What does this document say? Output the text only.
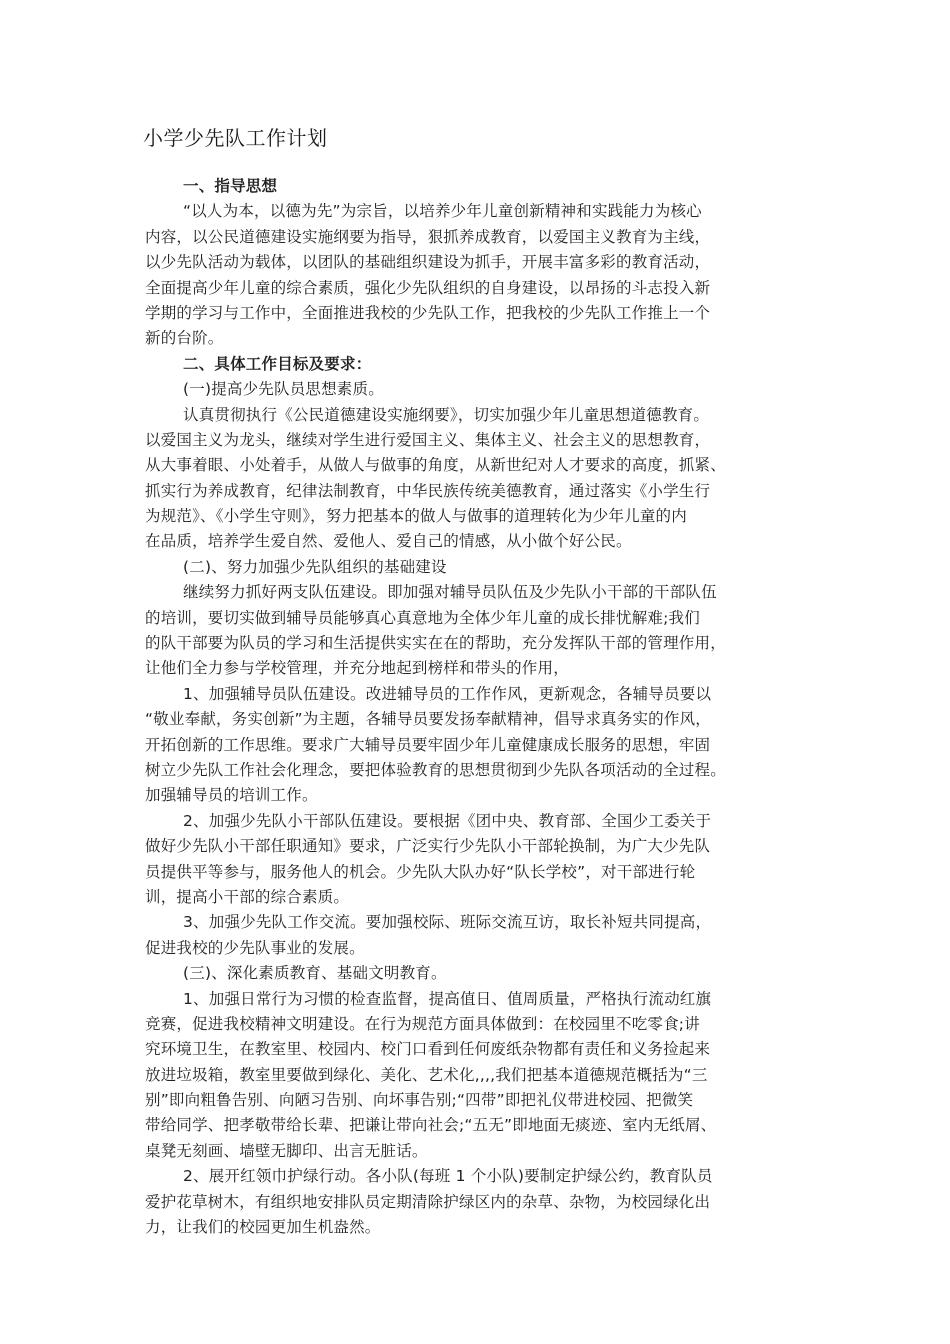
小学少先队工作计划
一、指导思想
“以人为本，以德为先”为宗旨，以培养少年儿童创新精神和实践能力为核心
内容，以公民道德建设实施纲要为指导，狠抓养成教育，以爱国主义教育为主线，
以少先队活动为载体，以团队的基础组织建设为抓手，开展丰富多彩的教育活动，
全面提高少年儿童的综合素质，强化少先队组织的自身建设，以昂扬的斗志投入新
学期的学习与工作中，全面推进我校的少先队工作，把我校的少先队工作推上一个
新的台阶。
二、具体工作目标及要求：
(一)提高少先队员思想素质。
认真贯彻执行《公民道德建设实施纲要》，切实加强少年儿童思想道德教育。
以爱国主义为龙头，继续对学生进行爱国主义、集体主义、社会主义的思想教育，
从大事着眼、小处着手，从做人与做事的角度，从新世纪对人才要求的高度，抓紧、
抓实行为养成教育，纪律法制教育，中华民族传统美德教育，通过落实《小学生行
为规范》、《小学生守则》，努力把基本的做人与做事的道理转化为少年儿童的内
在品质，培养学生爱自然、爱他人、爱自己的情感，从小做个好公民。
(二)、努力加强少先队组织的基础建设
继续努力抓好两支队伍建设。即加强对辅导员队伍及少先队小干部的干部队伍
的培训，要切实做到辅导员能够真心真意地为全体少年儿童的成长排忧解难;我们
的队干部要为队员的学习和生活提供实实在在的帮助，充分发挥队干部的管理作用，
让他们全力参与学校管理，并充分地起到榜样和带头的作用，
1、加强辅导员队伍建设。改进辅导员的工作作风，更新观念，各辅导员要以
“敬业奉献，务实创新”为主题，各辅导员要发扬奉献精神，倡导求真务实的作风，
开拓创新的工作思维。要求广大辅导员要牢固少年儿童健康成长服务的思想，牢固
树立少先队工作社会化理念，要把体验教育的思想贯彻到少先队各项活动的全过程。
加强辅导员的培训工作。
2、加强少先队小干部队伍建设。要根据《团中央、教育部、全国少工委关于
做好少先队小干部任职通知》要求，广泛实行少先队小干部轮换制，为广大少先队
员提供平等参与，服务他人的机会。少先队大队办好“队长学校”，对干部进行轮
训，提高小干部的综合素质。
3、加强少先队工作交流。要加强校际、班际交流互访，取长补短共同提高，
促进我校的少先队事业的发展。
(三)、深化素质教育、基础文明教育。
1、加强日常行为习惯的检查监督，提高值日、值周质量，严格执行流动红旗
竞赛，促进我校精神文明建设。在行为规范方面具体做到：在校园里不吃零食;讲
究环境卫生，在教室里、校园内、校门口看到任何废纸杂物都有责任和义务捡起来
放进垃圾箱，教室里要做到绿化、美化、艺术化,,,,我们把基本道德规范概括为“三
别”即向粗鲁告别、向陋习告别、向坏事告别;“四带”即把礼仪带进校园、把微笑
带给同学、把孝敬带给长辈、把谦让带向社会;“五无”即地面无痰迹、室内无纸屑、
桌凳无刻画、墙壁无脚印、出言无脏话。
2、展开红领巾护绿行动。各小队(每班 1 个小队)要制定护绿公约，教育队员
爱护花草树木，有组织地安排队员定期清除护绿区内的杂草、杂物，为校园绿化出
力，让我们的校园更加生机盎然。
